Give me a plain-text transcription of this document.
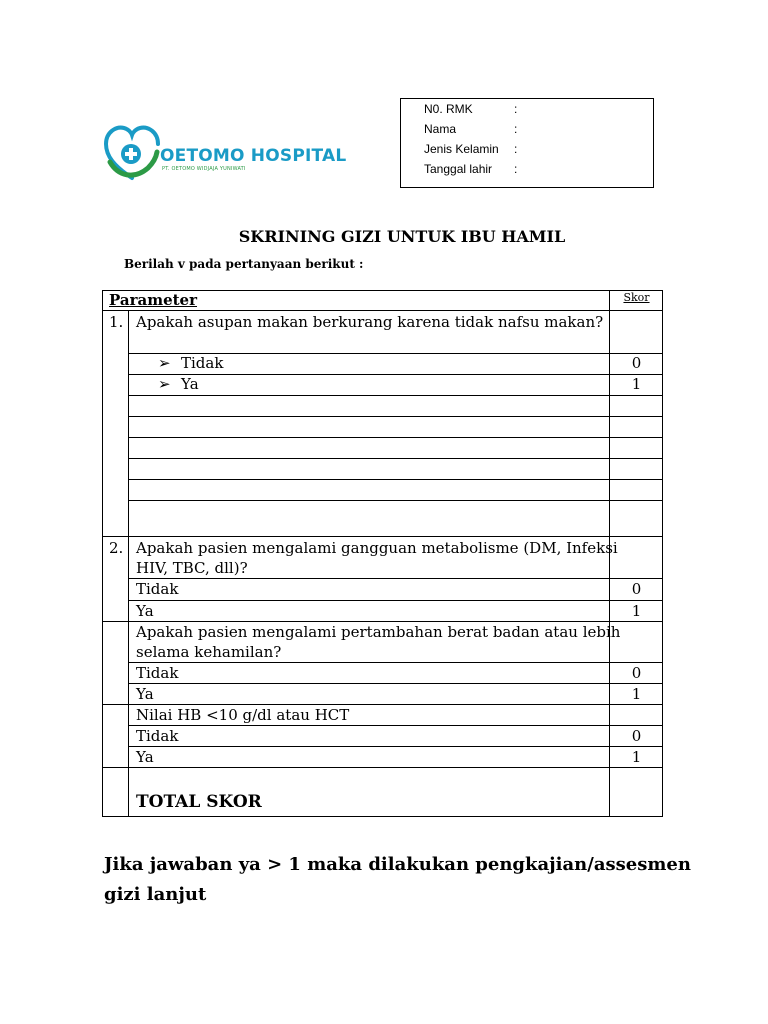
OETOMO HOSPITAL
PT. OETOMO WIDJAJA YUNIWATI
N0. RMK	:
Nama	:
Jenis Kelamin :
Tanggal lahir :
SKRINING GIZI UNTUK IBU HAMIL
Berilah v pada pertanyaan berikut :
Parameter	Skor
1. Apakah asupan makan berkurang karena tidak nafsu makan?
➢ Tidak	0
➢ Ya	1
2. Apakah pasien mengalami gangguan metabolisme (DM, Infeksi
HIV, TBC, dll)?
Tidak	0
Ya	1
Apakah pasien mengalami pertambahan berat badan atau lebih
selama kehamilan?
Tidak	0
Ya	1
Nilai HB <10 g/dl atau HCT
Tidak	0
Ya	1
TOTAL SKOR
Jika jawaban ya > 1 maka dilakukan pengkajian/assesmen gizi lanjut
